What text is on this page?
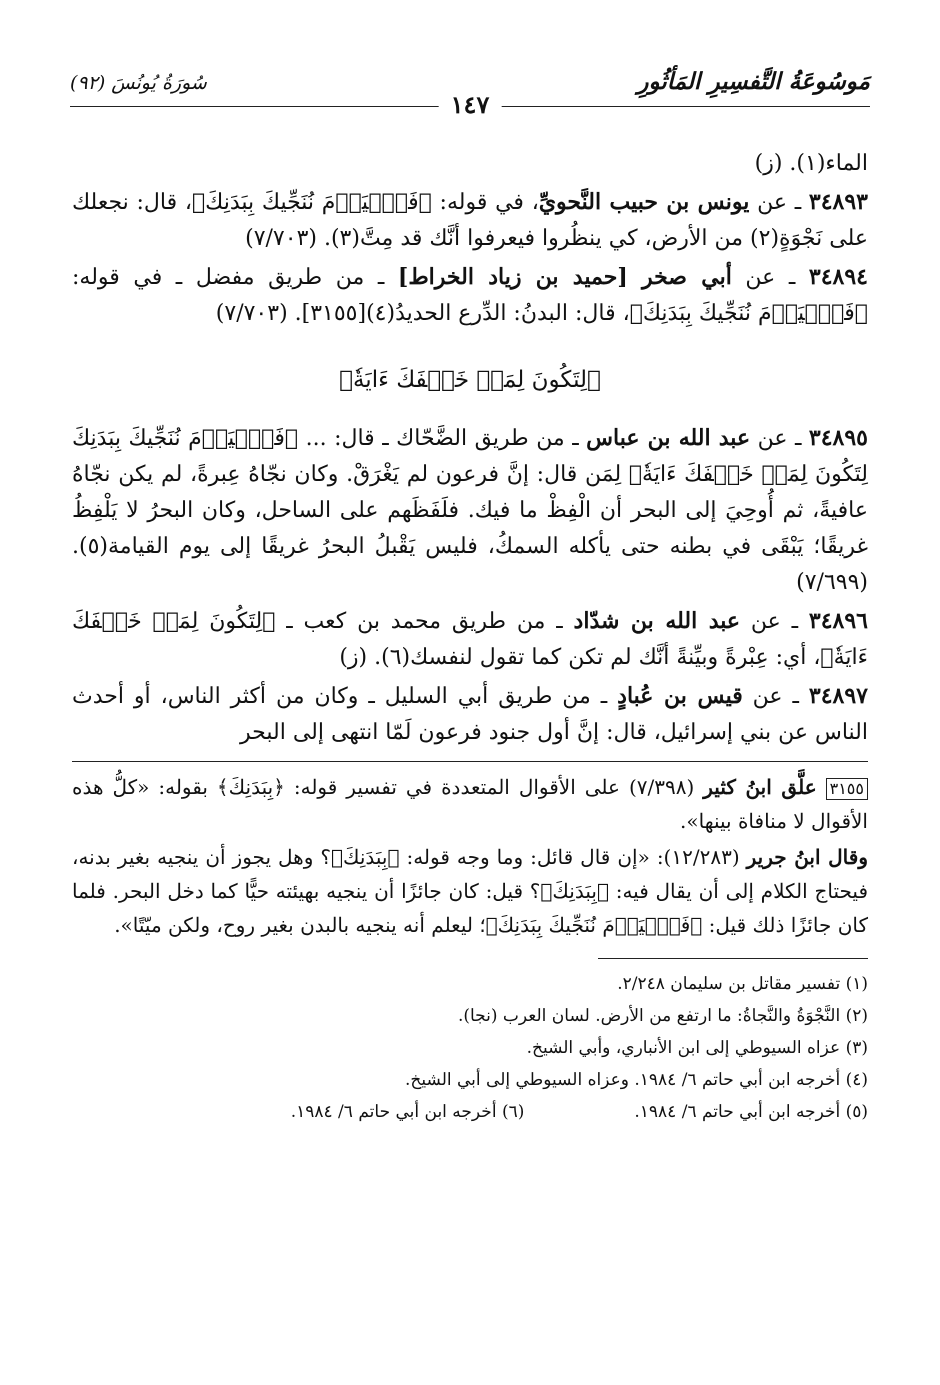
مَوسُوعَةُ التَّفسِيرِ المَأثُورِ
سُورَةُ يُونُسَ (٩٢)
١٤٧

الماء(١). (ز)

٣٤٨٩٣ ـ عن يونس بن حبيب النَّحويِّ، في قوله: ﴿فَٱلۡيَوۡمَ نُنَجِّيكَ بِبَدَنِكَ﴾، قال: نجعلك على نَجْوَةٍ(٢) من الأرض، كي ينظُروا فيعرفوا أنَّك قد مِتَّ(٣). (٧/٧٠٣)

٣٤٨٩٤ ـ عن أبي صخر [حميد بن زياد الخراط] ـ من طريق مفضل ـ في قوله: ﴿فَٱلۡيَوۡمَ نُنَجِّيكَ بِبَدَنِكَ﴾، قال: البدنُ: الدِّرع الحديدُ(٤)[٣١٥٥]. (٧/٧٠٣)

﴿لِتَكُونَ لِمَنۡ خَلۡفَكَ ءَايَةٗ﴾

٣٤٨٩٥ ـ عن عبد الله بن عباس ـ من طريق الضَّحّاك ـ قال: ... ﴿فَٱلۡيَوۡمَ نُنَجِّيكَ بِبَدَنِكَ لِتَكُونَ لِمَنۡ خَلۡفَكَ ءَايَةٗ﴾ لِمَن قال: إنَّ فرعون لم يَغْرَقْ. وكان نجّاهُ عِبرةً، لم يكن نجّاهُ عافيةً، ثم أُوحِيَ إلى البحر أن الْفِظْ ما فيك. فلَفَظَهم على الساحل، وكان البحرُ لا يَلْفِظُ غريقًا؛ يَبْقَى في بطنه حتى يأكله السمكُ، فليس يَقْبلُ البحرُ غريقًا إلى يوم القيامة(٥). (٧/٦٩٩)

٣٤٨٩٦ ـ عن عبد الله بن شدّاد ـ من طريق محمد بن كعب ـ ﴿لِتَكُونَ لِمَنۡ خَلۡفَكَ ءَايَةٗ﴾، أي: عِبْرةً وبيِّنةً أنَّك لم تكن كما تقول لنفسك(٦). (ز)

٣٤٨٩٧ ـ عن قيس بن عُبادٍ ـ من طريق أبي السليل ـ وكان من أكثر الناس، أو أحدث الناس عن بني إسرائيل، قال: إنَّ أول جنود فرعون لَمّا انتهى إلى البحر

٣١٥٥ علَّق ابنُ كثير (٧/٣٩٨) على الأقوال المتعددة في تفسير قوله: ﴿بِبَدَنِكَ﴾ بقوله: «كلُّ هذه الأقوال لا منافاة بينها».

وقال ابنُ جرير (١٢/٢٨٣): «إن قال قائل: وما وجه قوله: ﴿بِبَدَنِكَ﴾؟ وهل يجوز أن ينجيه بغير بدنه، فيحتاج الكلام إلى أن يقال فيه: ﴿بِبَدَنِكَ﴾؟ قيل: كان جائزًا أن ينجيه بهيئته حيًّا كما دخل البحر. فلما كان جائزًا ذلك قيل: ﴿فَٱلۡيَوۡمَ نُنَجِّيكَ بِبَدَنِكَ﴾؛ ليعلم أنه ينجيه بالبدن بغير روح، ولكن ميّتًا».

(١) تفسير مقاتل بن سليمان ٢/٢٤٨.

(٢) النَّجْوَةُ والنَّجاةُ: ما ارتفع من الأرض. لسان العرب (نجا).

(٣) عزاه السيوطي إلى ابن الأنباري، وأبي الشيخ.

(٤) أخرجه ابن أبي حاتم ٦/ ١٩٨٤. وعزاه السيوطي إلى أبي الشيخ.

(٥) أخرجه ابن أبي حاتم ٦/ ١٩٨٤.
(٦) أخرجه ابن أبي حاتم ٦/ ١٩٨٤.
